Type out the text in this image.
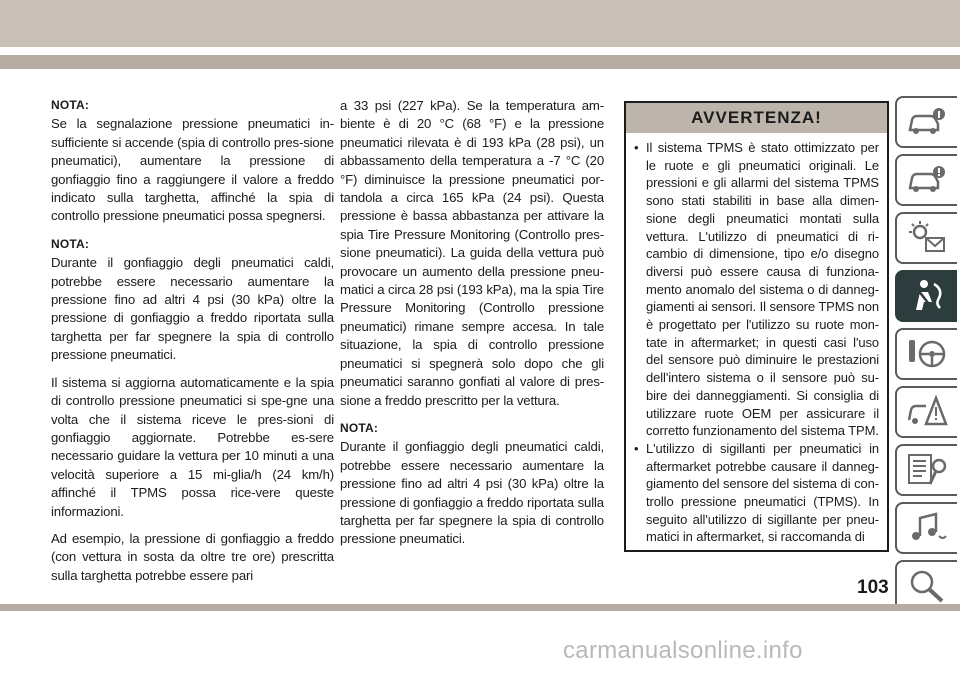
NOTA:

Se la segnalazione pressione pneumatici in-sufficiente si accende (spia di controllo pres-sione pneumatici), aumentare la pressione di gonfiaggio fino a raggiungere il valore a freddo indicato sulla targhetta, affinché la spia di controllo pressione pneumatici possa spegnersi.

NOTA:

Durante il gonfiaggio degli pneumatici caldi, potrebbe essere necessario aumentare la pressione fino ad altri 4 psi (30 kPa) oltre la pressione di gonfiaggio a freddo riportata sulla targhetta per far spegnere la spia di controllo pressione pneumatici.

Il sistema si aggiorna automaticamente e la spia di controllo pressione pneumatici si spe-gne una volta che il sistema riceve le pres-sioni di gonfiaggio aggiornate. Potrebbe es-sere necessario guidare la vettura per 10 minuti a una velocità superiore a 15 mi-glia/h (24 km/h) affinché il TPMS possa rice-vere queste informazioni.

Ad esempio, la pressione di gonfiaggio a freddo (con vettura in sosta da oltre tre ore) prescritta sulla targhetta potrebbe essere pari

a 33 psi (227 kPa). Se la temperatura am-biente è di 20 °C (68 °F) e la pressione pneumatici rilevata è di 193 kPa (28 psi), un abbassamento della temperatura a -7 °C (20 °F) diminuisce la pressione pneumatici por-tandola a circa 165 kPa (24 psi). Questa pressione è bassa abbastanza per attivare la spia Tire Pressure Monitoring (Controllo pres-sione pneumatici). La guida della vettura può provocare un aumento della pressione pneu-matici a circa 28 psi (193 kPa), ma la spia Tire Pressure Monitoring (Controllo pressione pneumatici) rimane sempre accesa. In tale situazione, la spia di controllo pressione pneumatici si spegnerà solo dopo che gli pneumatici saranno gonfiati al valore di pres-sione a freddo prescritto per la vettura.

NOTA:

Durante il gonfiaggio degli pneumatici caldi, potrebbe essere necessario aumentare la pressione fino ad altri 4 psi (30 kPa) oltre la pressione di gonfiaggio a freddo riportata sulla targhetta per far spegnere la spia di controllo pressione pneumatici.

AVVERTENZA!
• Il sistema TPMS è stato ottimizzato per le ruote e gli pneumatici originali. Le pressioni e gli allarmi del sistema TPMS sono stati stabiliti in base alla dimen-sione degli pneumatici montati sulla vettura. L'utilizzo di pneumatici di ri-cambio di dimensione, tipo e/o disegno diversi può essere causa di funziona-mento anomalo del sistema o di danneg-giamenti ai sensori. Il sensore TPMS non è progettato per l'utilizzo su ruote mon-tate in aftermarket; in questi casi l'uso del sensore può diminuire le prestazioni dell'intero sistema o il sensore può su-bire dei danneggiamenti. Si consiglia di utilizzare ruote OEM per assicurare il corretto funzionamento del sistema TPM.
• L'utilizzo di sigillanti per pneumatici in aftermarket potrebbe causare il danneg-giamento del sensore del sistema di con-trollo pressione pneumatici (TPMS). In seguito all'utilizzo di sigillante per pneu-matici in aftermarket, si raccomanda di
103
carmanualsonline.info
